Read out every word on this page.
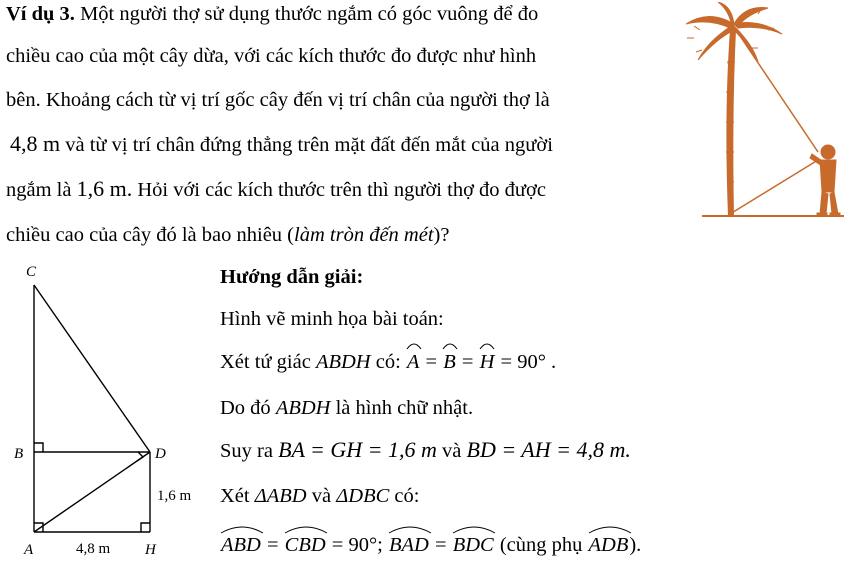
Ví dụ 3. Một người thợ sử dụng thước ngắm có góc vuông để đo
chiều cao của một cây dừa, với các kích thước đo được như hình
bên. Khoảng cách từ vị trí gốc cây đến vị trí chân của người thợ là
4,8 m và từ vị trí chân đứng thẳng trên mặt đất đến mắt của người
ngắm là 1,6 m. Hỏi với các kích thước trên thì người thợ đo được
chiều cao của cây đó là bao nhiêu (làm tròn đến mét)?
C
B	D
A	H
1,6 m
4,8 m
Hướng dẫn giải:
Hình vẽ minh họa bài toán:
Xét tứ giác ABDH có: A = B = H = 90° .
Do đó ABDH là hình chữ nhật.
Suy ra BA = GH = 1,6 m và BD = AH = 4,8 m.
Xét ΔABD và ΔDBC có:
ABD = CBD = 90°; BAD = BDC (cùng phụ ADB).
